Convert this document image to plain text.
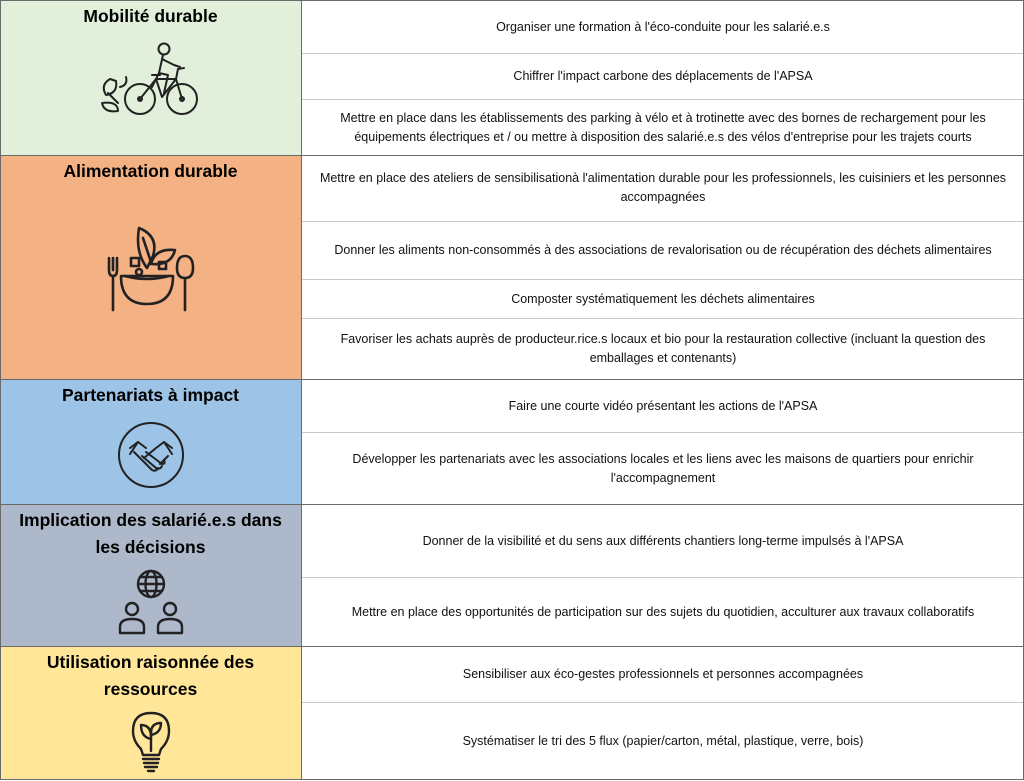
Mobilité durable
Organiser une formation à l'éco-conduite pour les salarié.e.s
Chiffrer l'impact carbone des déplacements de l'APSA
Mettre en place dans les établissements des parking à vélo et à trotinette avec des bornes de rechargement pour les équipements électriques et / ou mettre à disposition des salarié.e.s des vélos d'entreprise pour les trajets courts
Alimentation durable	Mettre en place des ateliers de sensibilisationà l'alimentation durable pour les professionnels, les cuisiniers et les personnes accompagnées
Donner les aliments non-consommés à des associations de revalorisation ou de récupération des déchets alimentaires
Composter systématiquement les déchets alimentaires
Favoriser les achats auprès de producteur.rice.s locaux et bio pour la restauration collective (incluant la question des emballages et contenants)
Partenariats à impact
Faire une courte vidéo présentant les actions de l'APSA
Développer les partenariats avec les associations locales et les liens avec les maisons de quartiers pour enrichir l'accompagnement
Implication des salarié.e.s dans les décisions	Donner de la visibilité et du sens aux différents chantiers long-terme impulsés à l'APSA
Mettre en place des opportunités de participation sur des sujets du quotidien, acculturer aux travaux collaboratifs
Utilisation raisonnée des ressources
Sensibiliser aux éco-gestes professionnels et personnes accompagnées
Systématiser le tri des 5 flux (papier/carton, métal, plastique, verre, bois)
